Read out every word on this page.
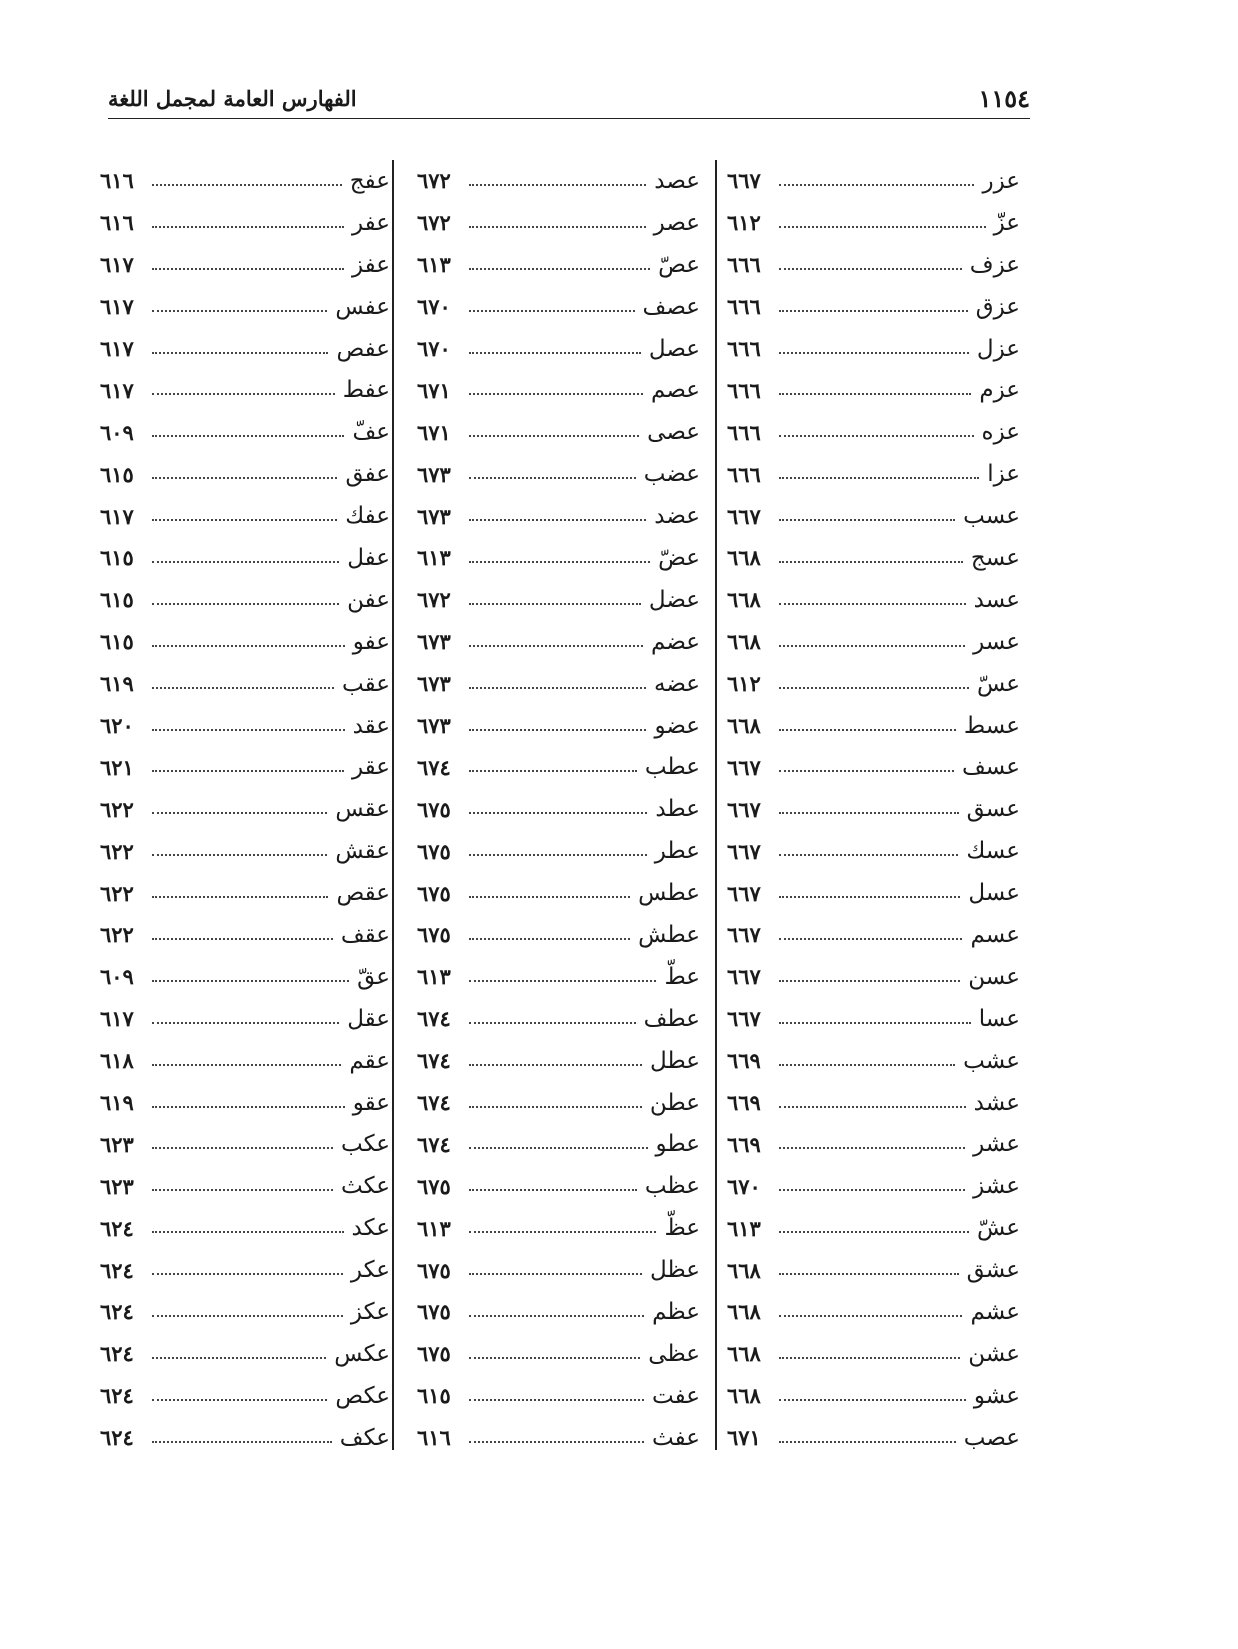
١١٥٤
الفهارس العامة لمجمل اللغة
عزر
٦٦٧
عزّ
٦١٢
عزف
٦٦٦
عزق
٦٦٦
عزل
٦٦٦
عزم
٦٦٦
عزه
٦٦٦
عزا
٦٦٦
عسب
٦٦٧
عسج
٦٦٨
عسد
٦٦٨
عسر
٦٦٨
عسّ
٦١٢
عسط
٦٦٨
عسف
٦٦٧
عسق
٦٦٧
عسك
٦٦٧
عسل
٦٦٧
عسم
٦٦٧
عسن
٦٦٧
عسا
٦٦٧
عشب
٦٦٩
عشد
٦٦٩
عشر
٦٦٩
عشز
٦٧٠
عشّ
٦١٣
عشق
٦٦٨
عشم
٦٦٨
عشن
٦٦٨
عشو
٦٦٨
عصب
٦٧١
عصد
٦٧٢
عصر
٦٧٢
عصّ
٦١٣
عصف
٦٧٠
عصل
٦٧٠
عصم
٦٧١
عصى
٦٧١
عضب
٦٧٣
عضد
٦٧٣
عضّ
٦١٣
عضل
٦٧٢
عضم
٦٧٣
عضه
٦٧٣
عضو
٦٧٣
عطب
٦٧٤
عطد
٦٧٥
عطر
٦٧٥
عطس
٦٧٥
عطش
٦٧٥
عطّ
٦١٣
عطف
٦٧٤
عطل
٦٧٤
عطن
٦٧٤
عطو
٦٧٤
عظب
٦٧٥
عظّ
٦١٣
عظل
٦٧٥
عظم
٦٧٥
عظى
٦٧٥
عفت
٦١٥
عفث
٦١٦
عفج
٦١٦
عفر
٦١٦
عفز
٦١٧
عفس
٦١٧
عفص
٦١٧
عفط
٦١٧
عفّ
٦٠٩
عفق
٦١٥
عفك
٦١٧
عفل
٦١٥
عفن
٦١٥
عفو
٦١٥
عقب
٦١٩
عقد
٦٢٠
عقر
٦٢١
عقس
٦٢٢
عقش
٦٢٢
عقص
٦٢٢
عقف
٦٢٢
عقّ
٦٠٩
عقل
٦١٧
عقم
٦١٨
عقو
٦١٩
عكب
٦٢٣
عكث
٦٢٣
عكد
٦٢٤
عكر
٦٢٤
عكز
٦٢٤
عكس
٦٢٤
عكص
٦٢٤
عكف
٦٢٤
